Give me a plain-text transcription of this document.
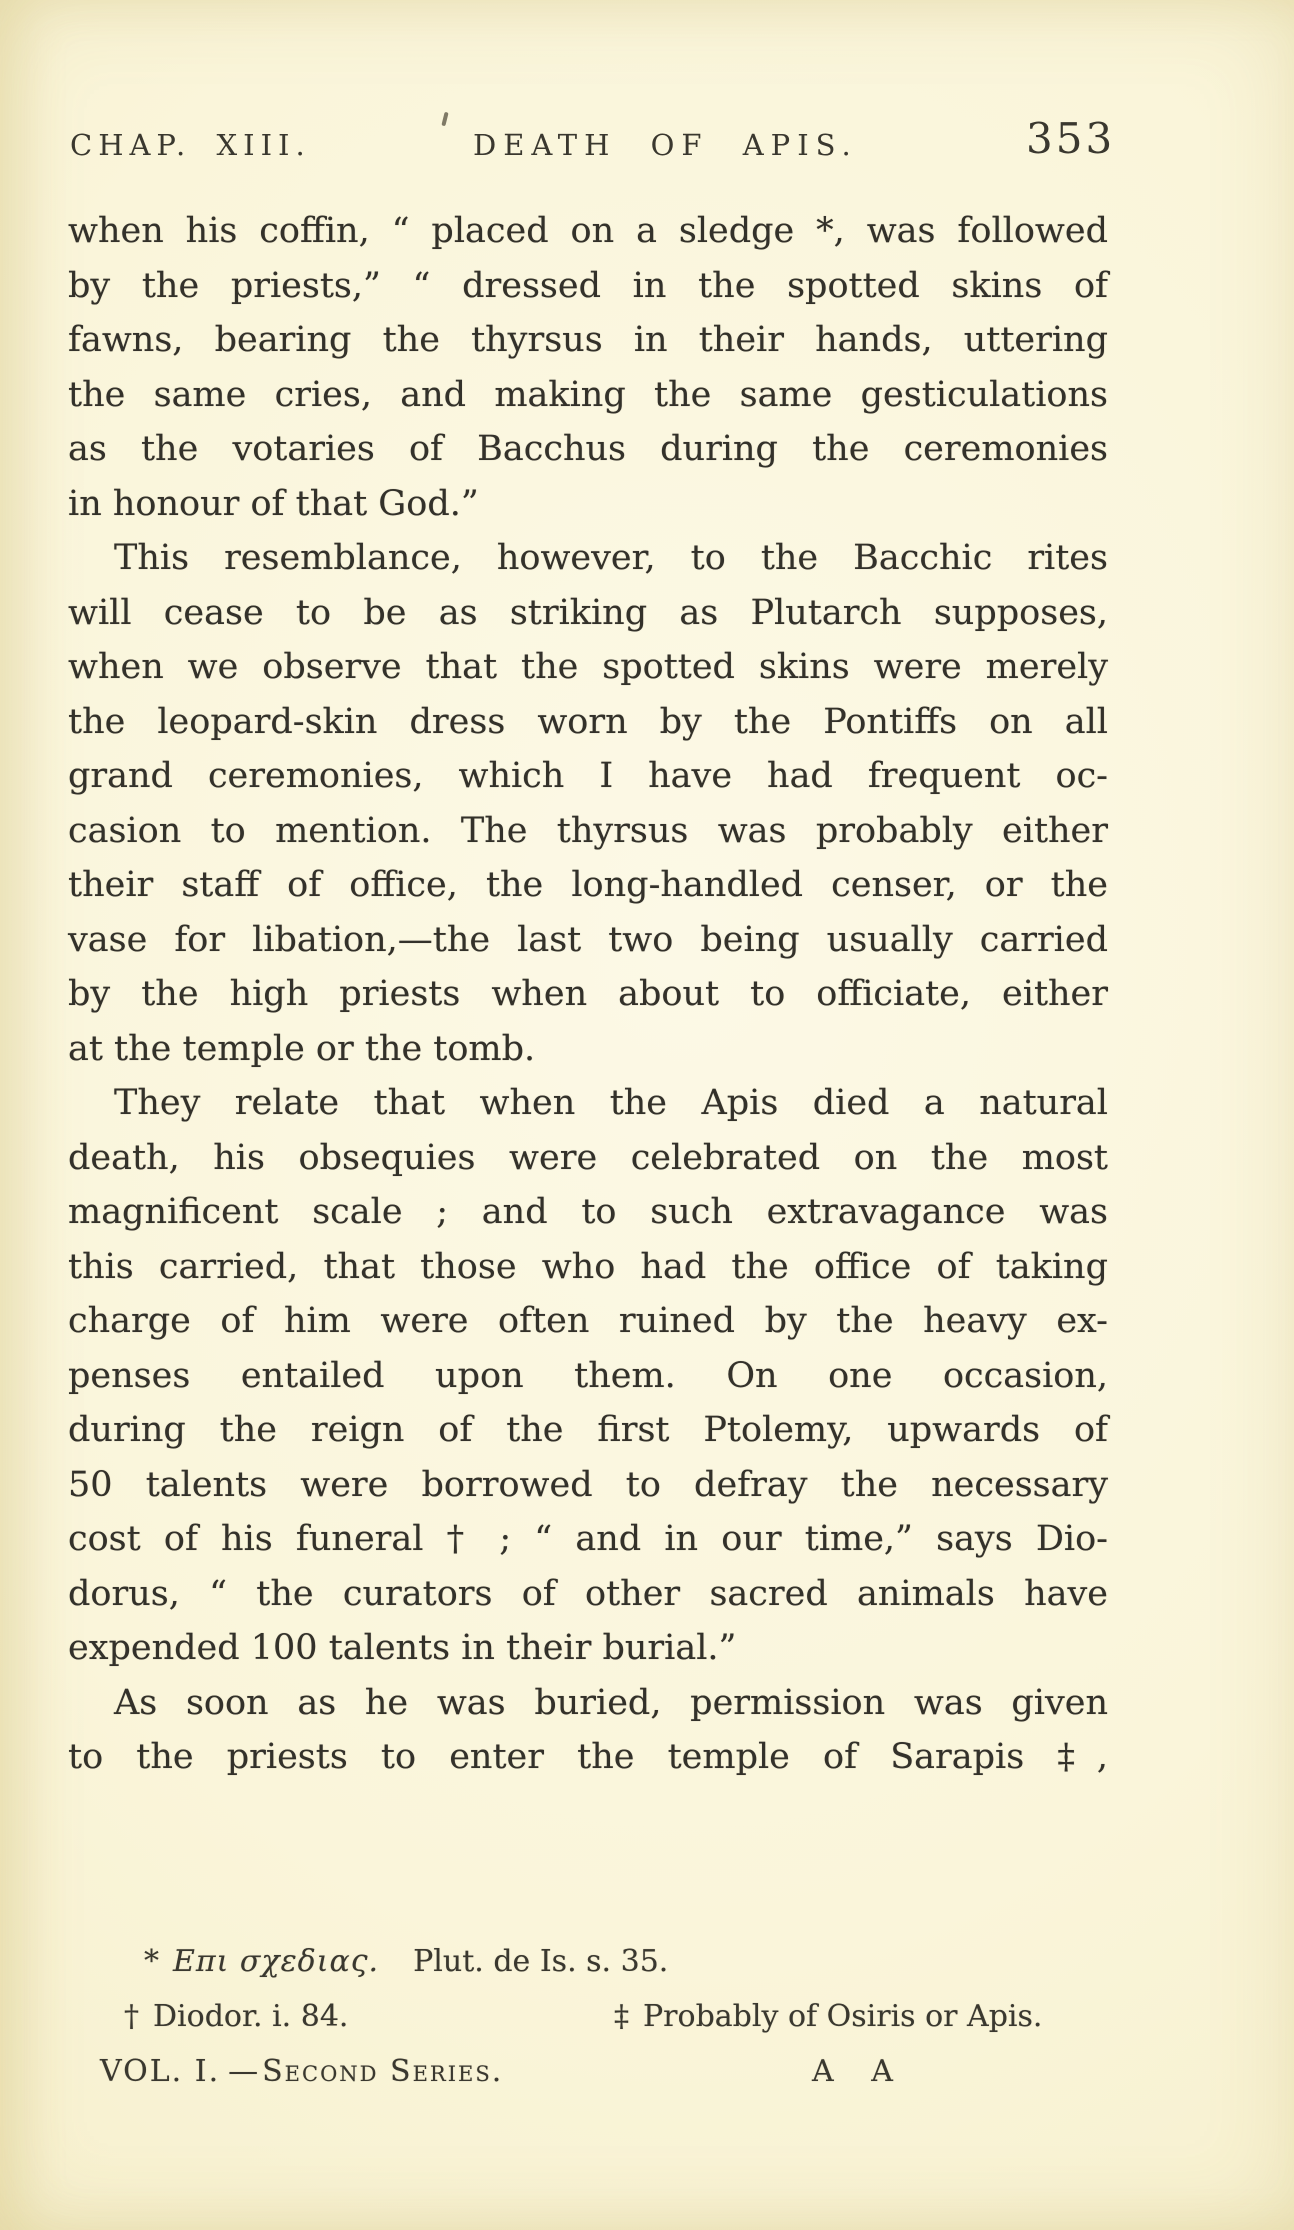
CHAP. XIII.	DEATH OF APIS.	353
when his coffin, “ placed on a sledge *, was followed
by the priests,” “ dressed in the spotted skins of
fawns, bearing the thyrsus in their hands, uttering
the same cries, and making the same gesticulations
as the votaries of Bacchus during the ceremonies
in honour of that God.”
This resemblance, however, to the Bacchic rites
will cease to be as striking as Plutarch supposes,
when we observe that the spotted skins were merely
the leopard-skin dress worn by the Pontiffs on all
grand ceremonies, which I have had frequent oc-
casion to mention. The thyrsus was probably either
their staff of office, the long-handled censer, or the
vase for libation,—the last two being usually carried
by the high priests when about to officiate, either
at the temple or the tomb.
They relate that when the Apis died a natural
death, his obsequies were celebrated on the most
magnificent scale ; and to such extravagance was
this carried, that those who had the office of taking
charge of him were often ruined by the heavy ex-
penses entailed upon them. On one occasion,
during the reign of the first Ptolemy, upwards of
50 talents were borrowed to defray the necessary
cost of his funeral † ; “ and in our time,” says Dio-
dorus, “ the curators of other sacred animals have
expended 100 talents in their burial.”
As soon as he was buried, permission was given
to the priests to enter the temple of Sarapis ‡,
* Επι σχεδιας. Plut. de Is. s. 35.
† Diodor. i. 84.	‡ Probably of Osiris or Apis.
VOL. I. — Second Series.	A A
